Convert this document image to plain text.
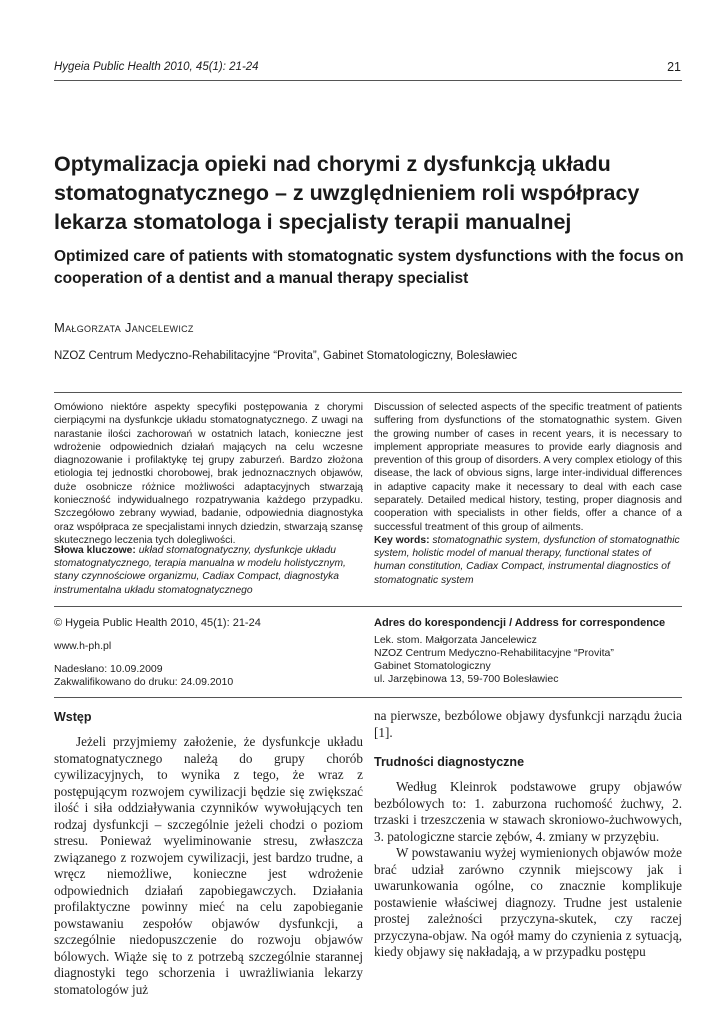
Hygeia Public Health 2010, 45(1): 21-24	21
Optymalizacja opieki nad chorymi z dysfunkcją układu stomatognatycznego – z uwzględnieniem roli współpracy lekarza stomatologa i specjalisty terapii manualnej
Optimized care of patients with stomatognatic system dysfunctions with the focus on cooperation of a dentist and a manual therapy specialist
Małgorzata Jancelewicz
NZOZ Centrum Medyczno-Rehabilitacyjne “Provita”, Gabinet Stomatologiczny, Bolesławiec
Omówiono niektóre aspekty specyfiki postępowania z chorymi cierpiącymi na dysfunkcje układu stomatognatycznego. Z uwagi na narastanie ilości zachorowań w ostatnich latach, konieczne jest wdrożenie odpowiednich działań mających na celu wczesne diagnozowanie i profilaktykę tej grupy zaburzeń. Bardzo złożona etiologia tej jednostki chorobowej, brak jednoznacznych objawów, duże osobnicze różnice możliwości adaptacyjnych stwarzają konieczność indywidualnego rozpatrywania każdego przypadku. Szczegółowo zebrany wywiad, badanie, odpowiednia diagnostyka oraz współpraca ze specjalistami innych dziedzin, stwarzają szansę skutecznego leczenia tych dolegliwości.
Discussion of selected aspects of the specific treatment of patients suffering from dysfunctions of the stomatognathic system. Given the growing number of cases in recent years, it is necessary to implement appropriate measures to provide early diagnosis and prevention of this group of disorders. A very complex etiology of this disease, the lack of obvious signs, large inter-individual differences in adaptive capacity make it necessary to deal with each case separately. Detailed medical history, testing, proper diagnosis and cooperation with specialists in other fields, offer a chance of a successful treatment of this group of ailments.
Słowa kluczowe: układ stomatognatyczny, dysfunkcje układu stomatognatycznego, terapia manualna w modelu holistycznym, stany czynnościowe organizmu, Cadiax Compact, diagnostyka instrumentalna układu stomatognatycznego
Key words: stomatognathic system, dysfunction of stomatognathic system, holistic model of manual therapy, functional states of human constitution, Cadiax Compact, instrumental diagnostics of stomatognatic system
© Hygeia Public Health 2010, 45(1): 21-24
www.h-ph.pl
Nadesłano: 10.09.2009
Zakwalifikowano do druku: 24.09.2010
Adres do korespondencji / Address for correspondence
Lek. stom. Małgorzata Jancelewicz
NZOZ Centrum Medyczno-Rehabilitacyjne “Provita”
Gabinet Stomatologiczny
ul. Jarzębinowa 13, 59-700 Bolesławiec
Wstęp

Jeżeli przyjmiemy założenie, że dysfunkcje układu stomatognatycznego należą do grupy chorób cywilizacyjnych, to wynika z tego, że wraz z postępującym rozwojem cywilizacji będzie się zwiększać ilość i siła oddziaływania czynników wywołujących ten rodzaj dysfunkcji – szczególnie jeżeli chodzi o poziom stresu. Ponieważ wyeliminowanie stresu, zwłaszcza związanego z rozwojem cywilizacji, jest bardzo trudne, a wręcz niemożliwe, konieczne jest wdrożenie odpowiednich działań zapobiegawczych. Działania profilaktyczne powinny mieć na celu zapobieganie powstawaniu zespołów objawów dysfunkcji, a szczególnie niedopuszczenie do rozwoju objawów bólowych. Wiąże się to z potrzebą szczególnie starannej diagnostyki tego schorzenia i uwrażliwiania lekarzy stomatologów już

na pierwsze, bezbólowe objawy dysfunkcji narządu żucia [1].

Trudności diagnostyczne

Według Kleinrok podstawowe grupy objawów bezbólowych to: 1. zaburzona ruchomość żuchwy, 2. trzaski i trzeszczenia w stawach skroniowo-żuchwowych, 3. patologiczne starcie zębów, 4. zmiany w przyzębiu.

W powstawaniu wyżej wymienionych objawów może brać udział zarówno czynnik miejscowy jak i uwarunkowania ogólne, co znacznie komplikuje postawienie właściwej diagnozy. Trudne jest ustalenie prostej zależności przyczyna-skutek, czy raczej przyczyna-objaw. Na ogół mamy do czynienia z sytuacją, kiedy objawy się nakładają, a w przypadku postępu
